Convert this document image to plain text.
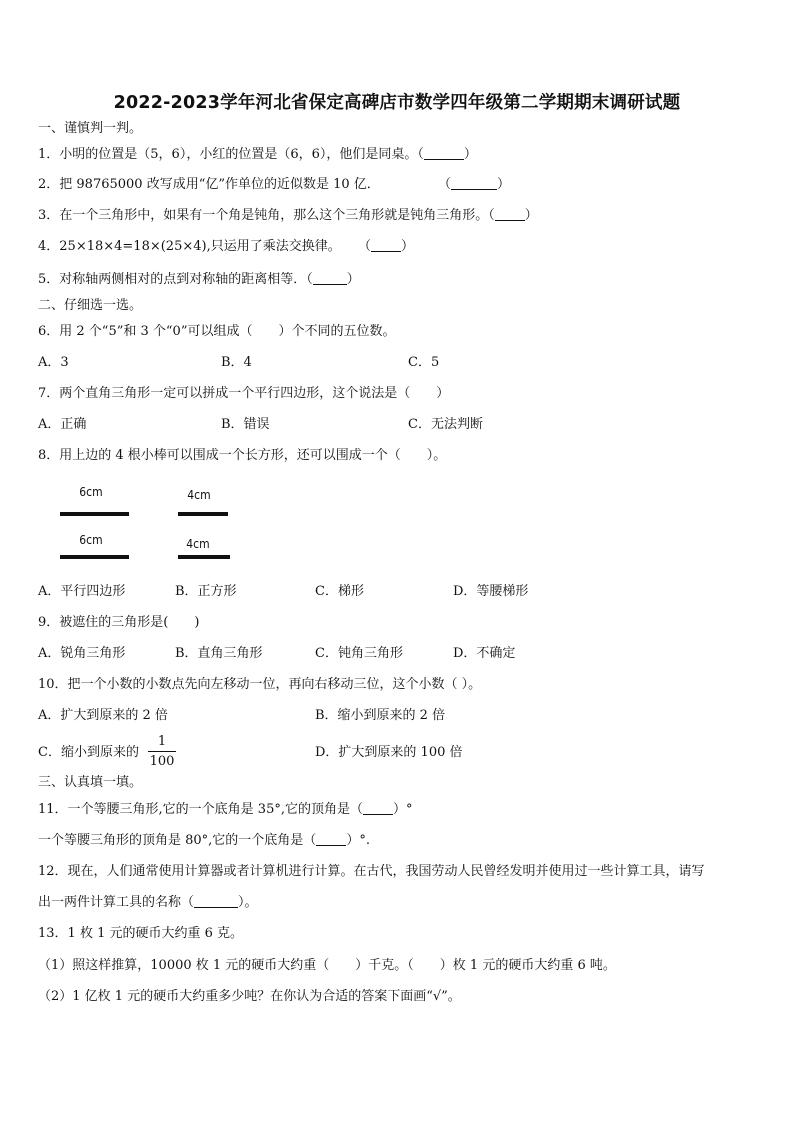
2022-2023学年河北省保定高碑店市数学四年级第二学期期末调研试题
一、谨慎判一判。
1．小明的位置是（5，6），小红的位置是（6，6），他们是同桌。（	）
2．把 98765000 改写成用“亿”作单位的近似数是 10 亿．	（	）
3．在一个三角形中，如果有一个角是钝角，那么这个三角形就是钝角三角形。（ ）
4．25×18×4=18×(25×4),只运用了乘法交换律。 （ ）
5．对称轴两侧相对的点到对称轴的距离相等．（	）
二、仔细选一选。
6．用 2 个“5”和 3 个“0”可以组成（　　）个不同的五位数。
A．3	B．4	C．5
7．两个直角三角形一定可以拼成一个平行四边形，这个说法是（　　）
A．正确	B．错误	C．无法判断
8．用上边的 4 根小棒可以围成一个长方形，还可以围成一个（　　）。
6cm
6cm
4cm
4cm
A．平行四边形	B．正方形	C．梯形	D．等腰梯形
9．被遮住的三角形是(　　)
A．锐角三角形	B．直角三角形	C．钝角三角形	D．不确定
10．把一个小数的小数点先向左移动一位，再向右移动三位，这个小数（ ）。
A．扩大到原来的 2 倍	B．缩小到原来的 2 倍
C．缩小到原来的
1
100
D．扩大到原来的 100 倍
三、认真填一填。
11．一个等腰三角形,它的一个底角是 35°,它的顶角是（ ）°
一个等腰三角形的顶角是 80°,它的一个底角是（ ）°.
12．现在，人们通常使用计算器或者计算机进行计算。在古代，我国劳动人民曾经发明并使用过一些计算工具，请写
出一两件计算工具的名称（	）。
13．1 枚 1 元的硬币大约重 6 克。
（1）照这样推算，10000 枚 1 元的硬币大约重（　　）千克。（　　）枚 1 元的硬币大约重 6 吨。
（2）1 亿枚 1 元的硬币大约重多少吨？在你认为合适的答案下面画“√”。
